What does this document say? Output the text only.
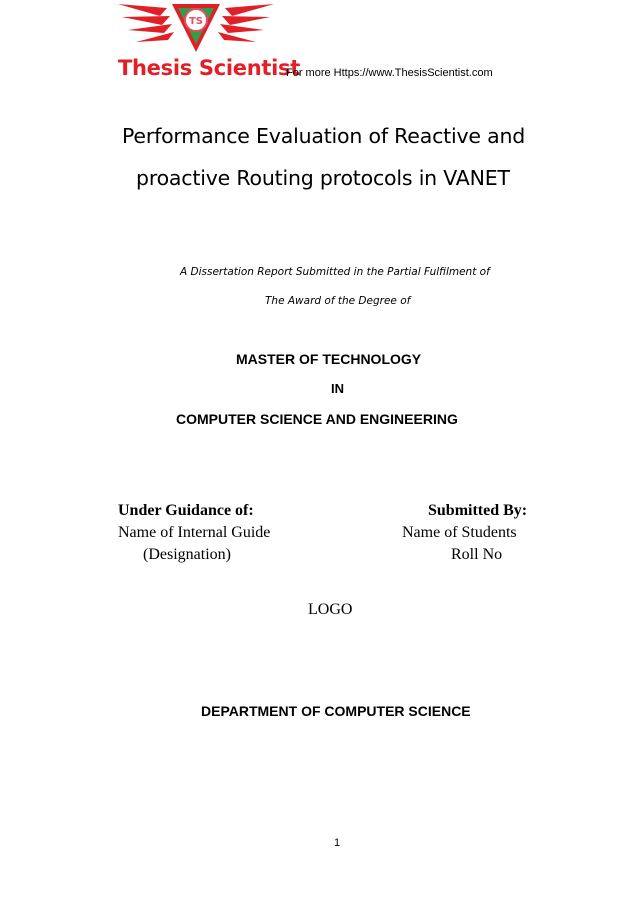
TS
Thesis Scientist
For more Https://www.ThesisScientist.com
Performance Evaluation of Reactive and
proactive Routing protocols in VANET
A Dissertation Report Submitted in the Partial Fulfilment of
The Award of the Degree of
MASTER OF TECHNOLOGY
IN
COMPUTER SCIENCE AND ENGINEERING
Under Guidance of:
Name of Internal Guide
(Designation)
Submitted By:
Name of Students
Roll No
LOGO
DEPARTMENT OF COMPUTER SCIENCE
1
